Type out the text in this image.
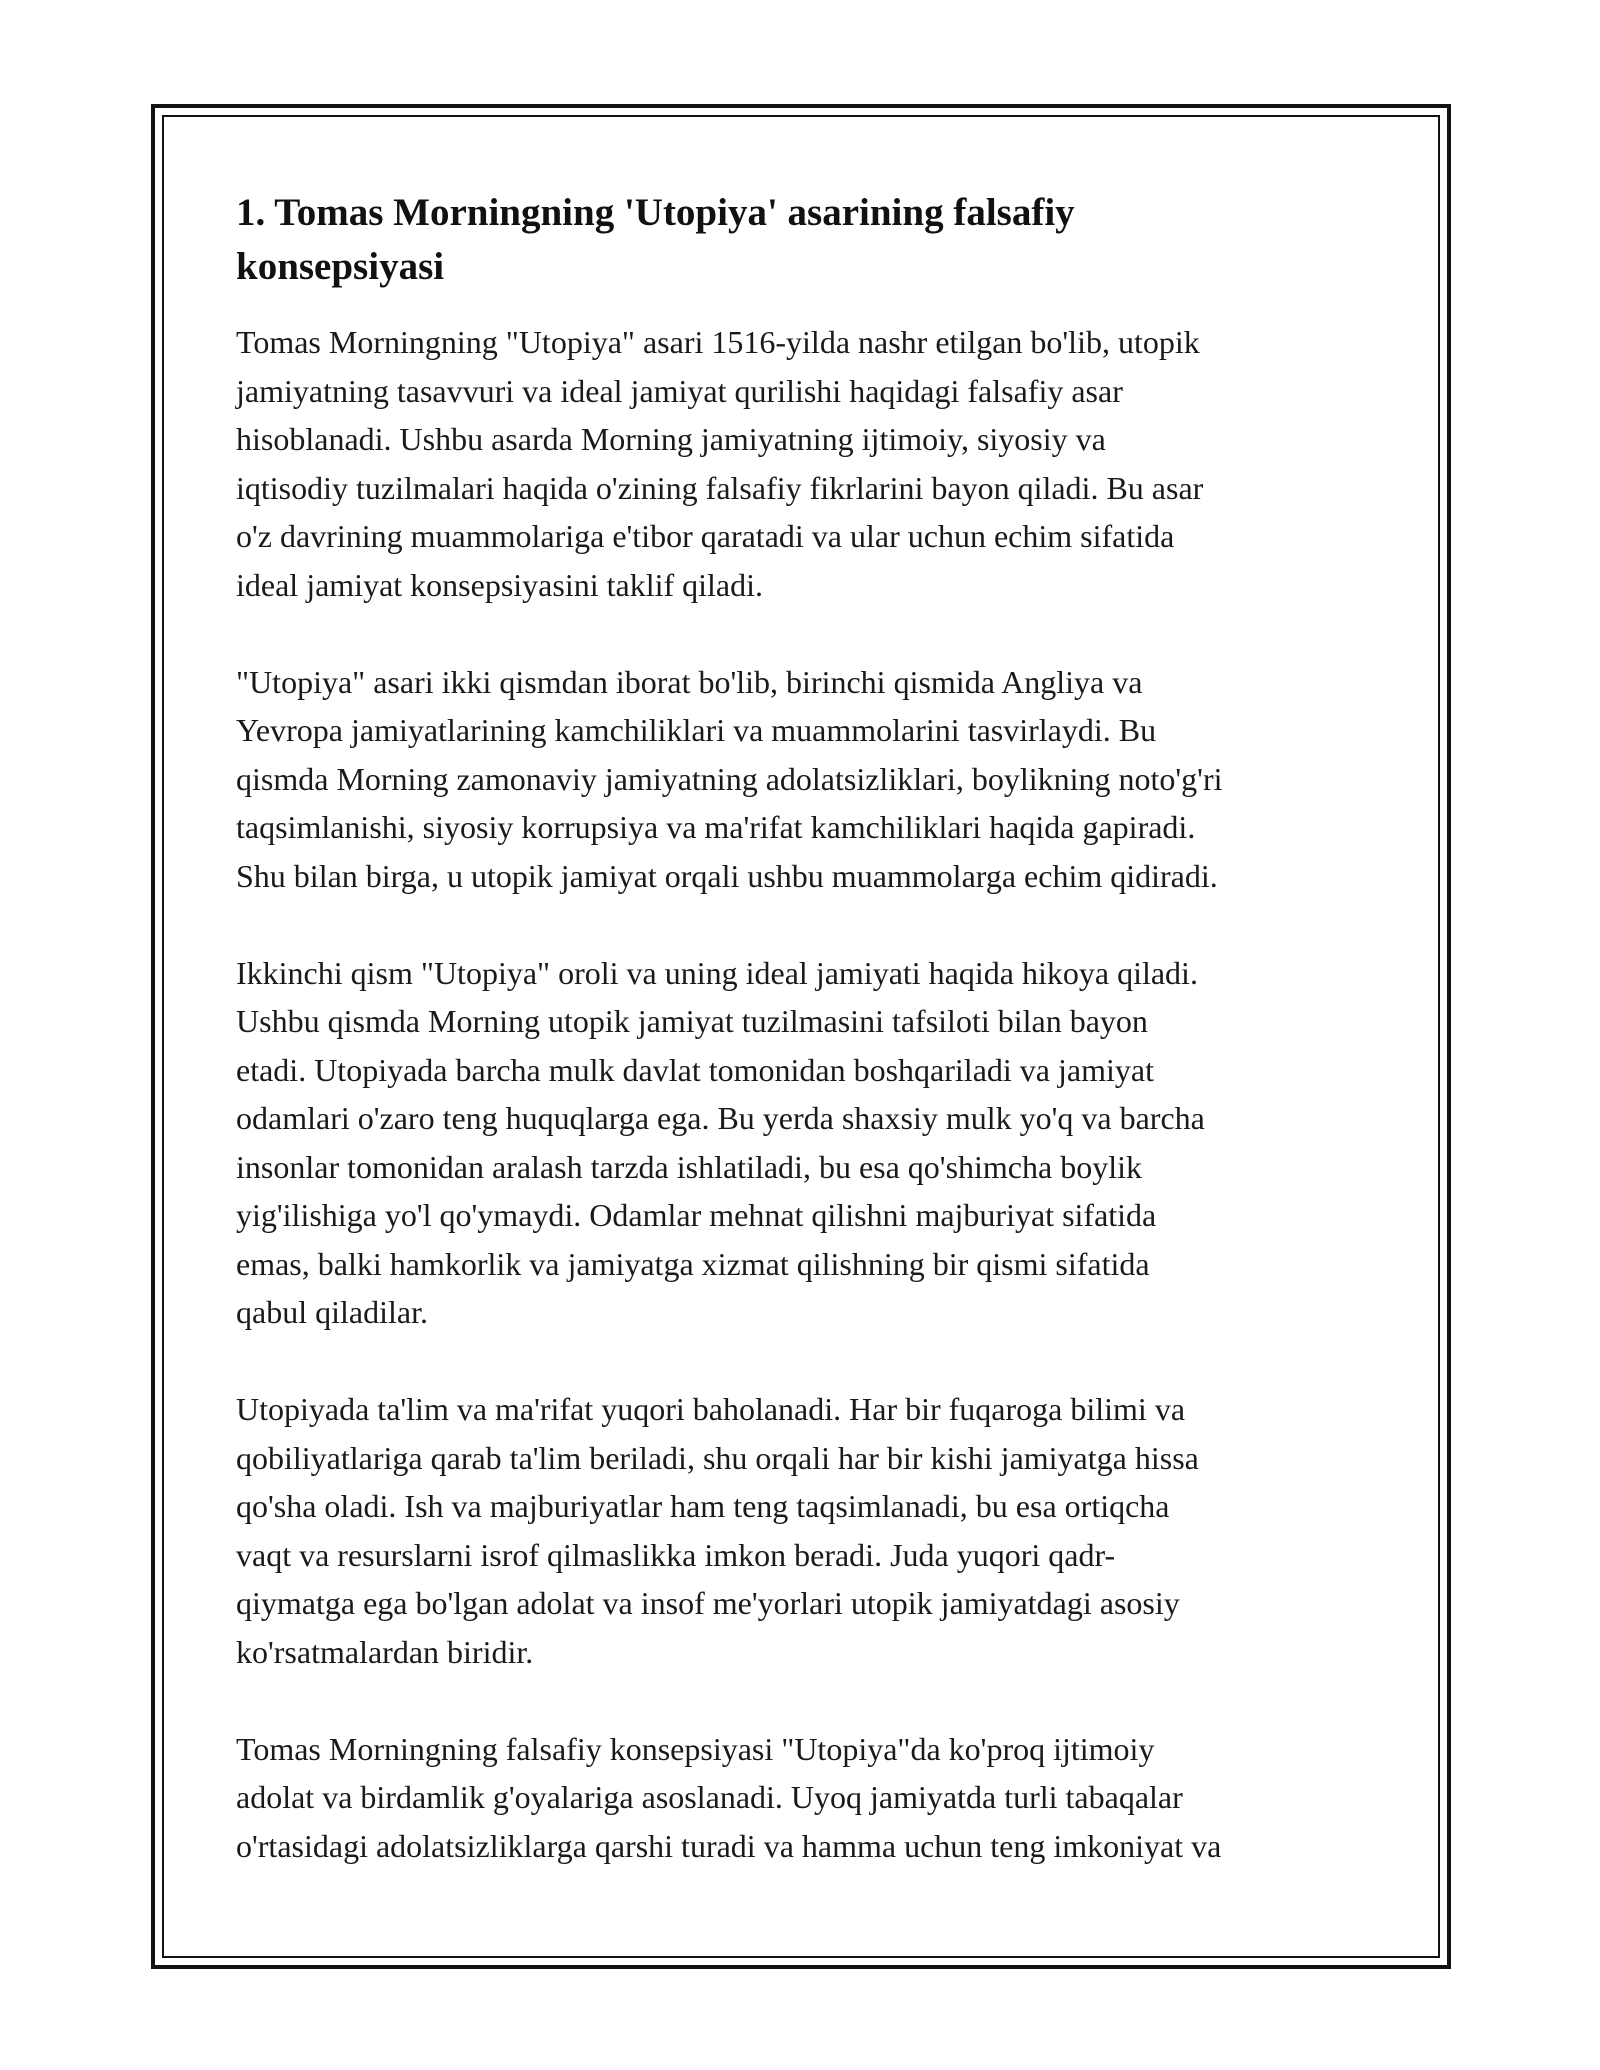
1. Tomas Morningning 'Utopiya' asarining falsafiy
konsepsiyasi

Tomas Morningning "Utopiya" asari 1516-yilda nashr etilgan bo'lib, utopik
jamiyatning tasavvuri va ideal jamiyat qurilishi haqidagi falsafiy asar
hisoblanadi. Ushbu asarda Morning jamiyatning ijtimoiy, siyosiy va
iqtisodiy tuzilmalari haqida o'zining falsafiy fikrlarini bayon qiladi. Bu asar
o'z davrining muammolariga e'tibor qaratadi va ular uchun echim sifatida
ideal jamiyat konsepsiyasini taklif qiladi.

"Utopiya" asari ikki qismdan iborat bo'lib, birinchi qismida Angliya va
Yevropa jamiyatlarining kamchiliklari va muammolarini tasvirlaydi. Bu
qismda Morning zamonaviy jamiyatning adolatsizliklari, boylikning noto'g'ri
taqsimlanishi, siyosiy korrupsiya va ma'rifat kamchiliklari haqida gapiradi.
Shu bilan birga, u utopik jamiyat orqali ushbu muammolarga echim qidiradi.

Ikkinchi qism "Utopiya" oroli va uning ideal jamiyati haqida hikoya qiladi.
Ushbu qismda Morning utopik jamiyat tuzilmasini tafsiloti bilan bayon
etadi. Utopiyada barcha mulk davlat tomonidan boshqariladi va jamiyat
odamlari o'zaro teng huquqlarga ega. Bu yerda shaxsiy mulk yo'q va barcha
insonlar tomonidan aralash tarzda ishlatiladi, bu esa qo'shimcha boylik
yig'ilishiga yo'l qo'ymaydi. Odamlar mehnat qilishni majburiyat sifatida
emas, balki hamkorlik va jamiyatga xizmat qilishning bir qismi sifatida
qabul qiladilar.

Utopiyada ta'lim va ma'rifat yuqori baholanadi. Har bir fuqaroga bilimi va
qobiliyatlariga qarab ta'lim beriladi, shu orqali har bir kishi jamiyatga hissa
qo'sha oladi. Ish va majburiyatlar ham teng taqsimlanadi, bu esa ortiqcha
vaqt va resurslarni isrof qilmaslikka imkon beradi. Juda yuqori qadr-
qiymatga ega bo'lgan adolat va insof me'yorlari utopik jamiyatdagi asosiy
ko'rsatmalardan biridir.

Tomas Morningning falsafiy konsepsiyasi "Utopiya"da ko'proq ijtimoiy
adolat va birdamlik g'oyalariga asoslanadi. Uyoq jamiyatda turli tabaqalar
o'rtasidagi adolatsizliklarga qarshi turadi va hamma uchun teng imkoniyat va
